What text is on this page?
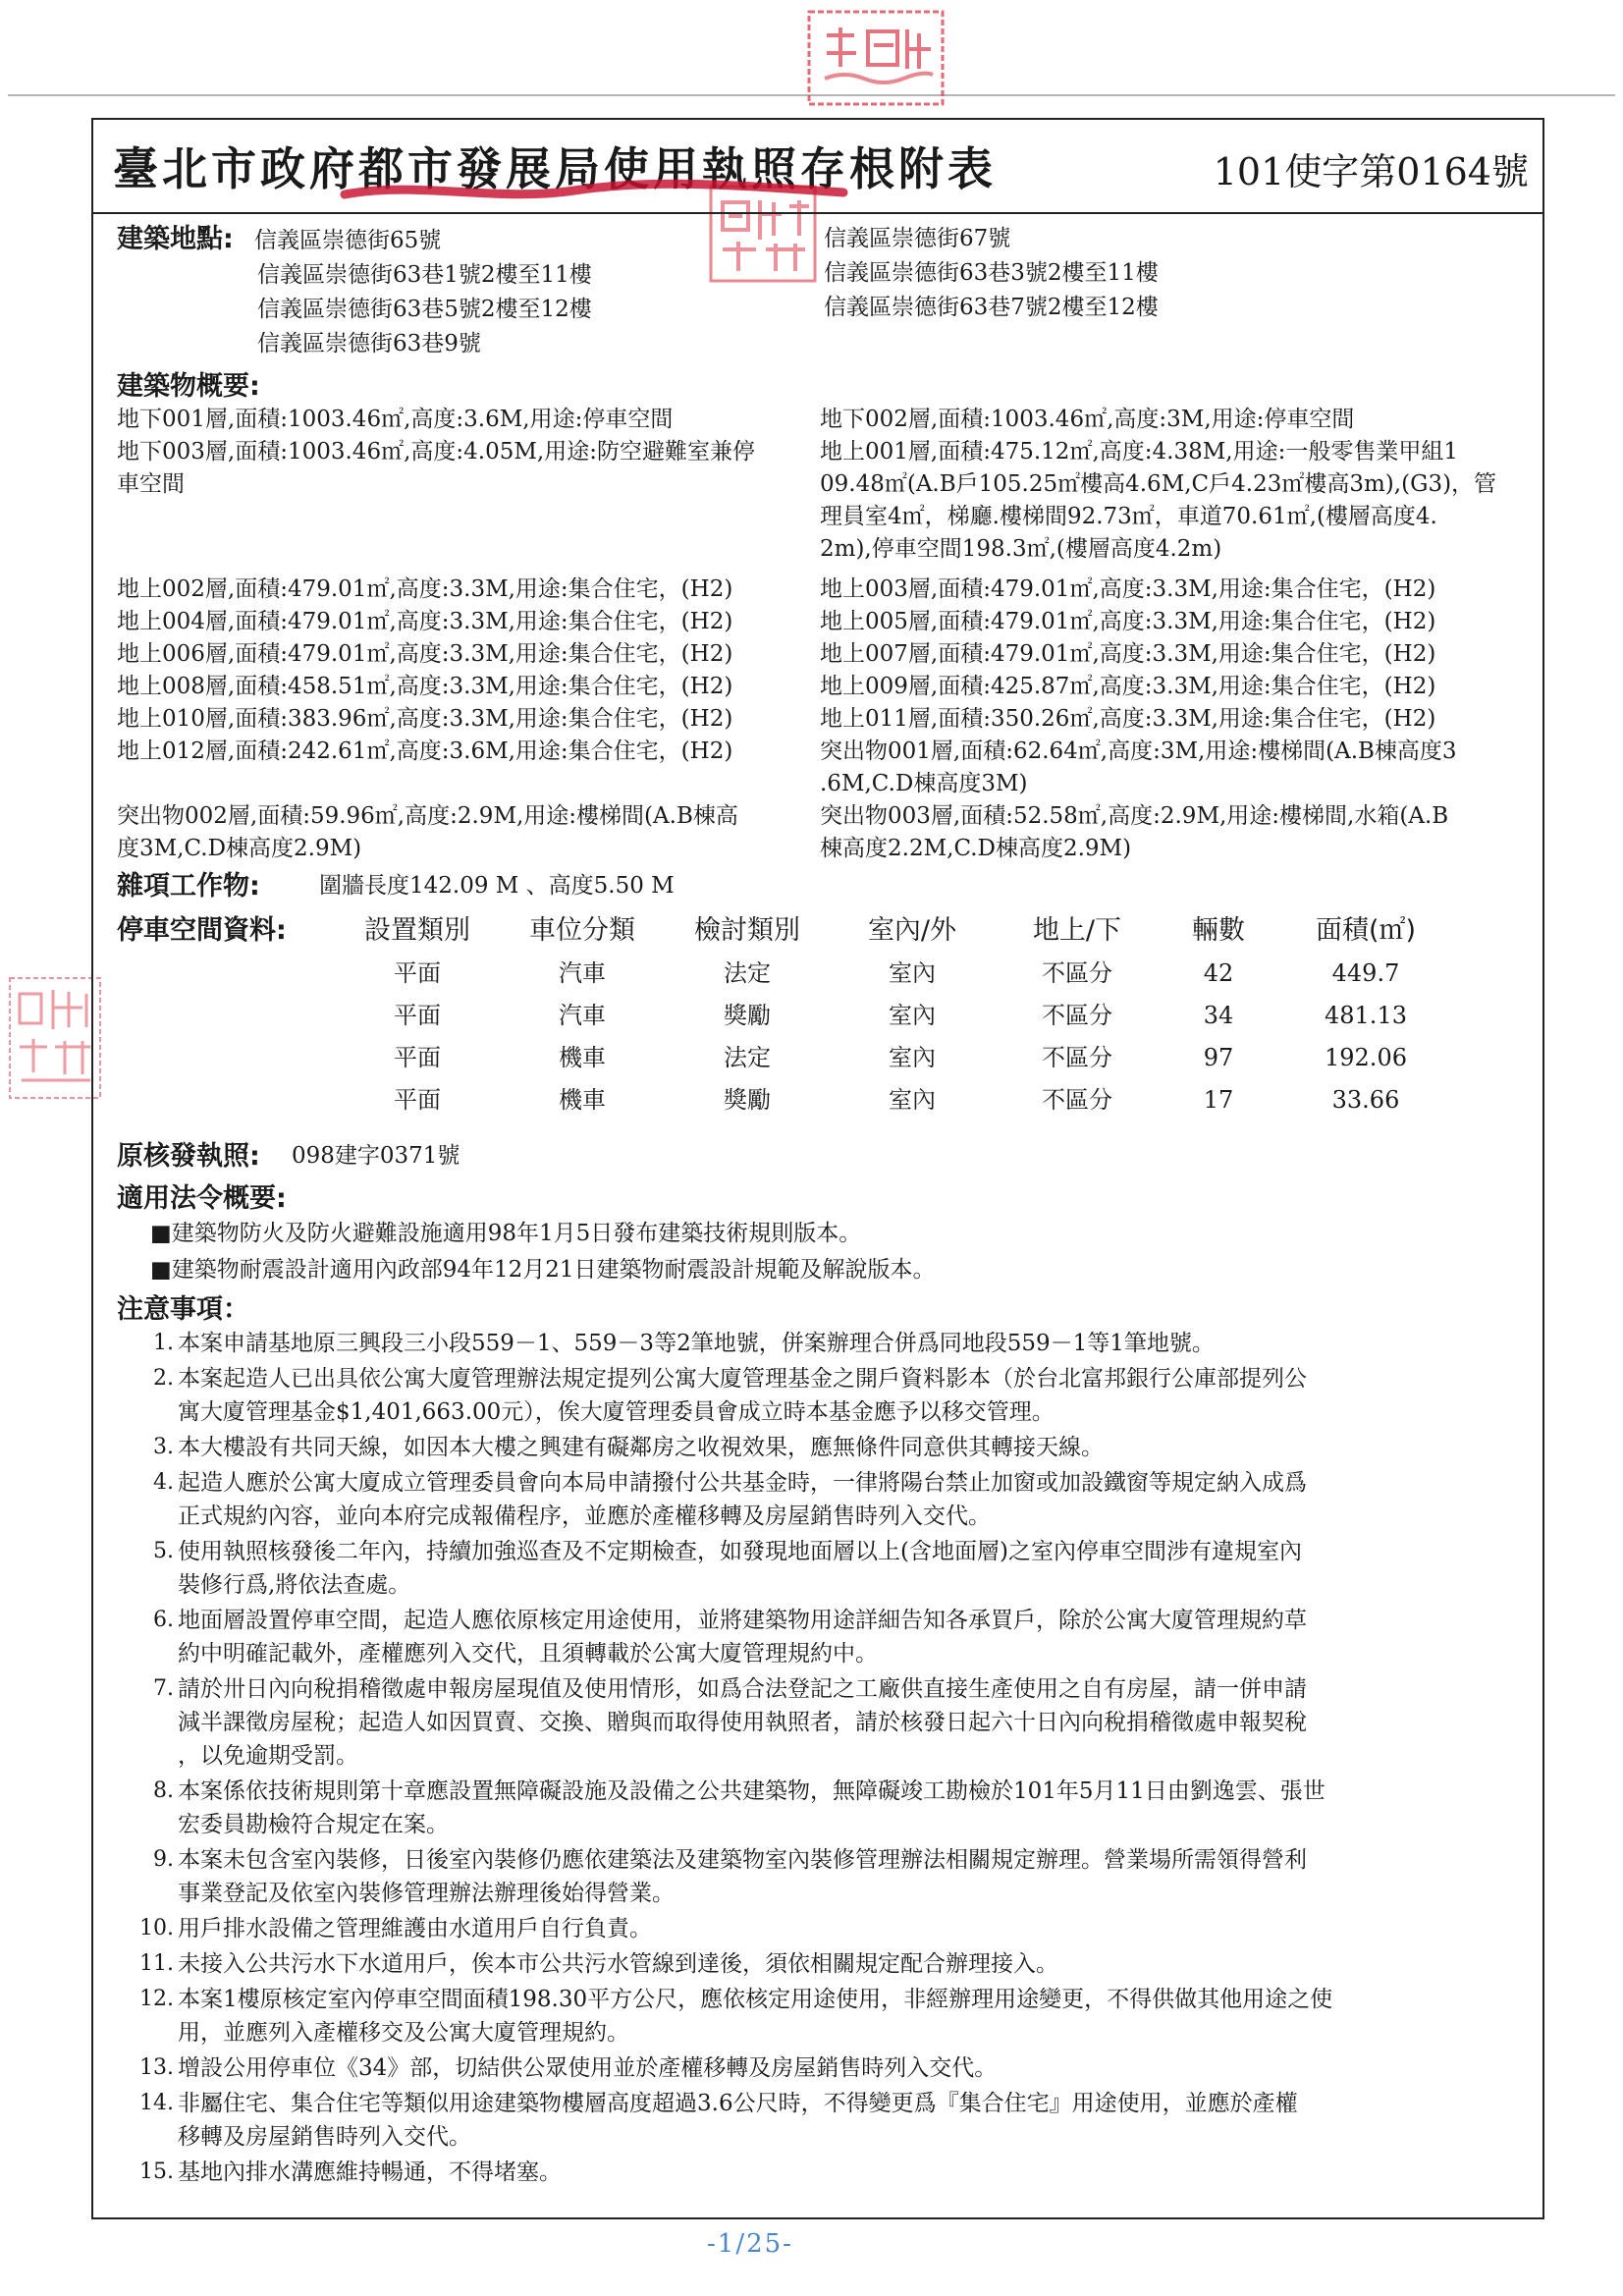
臺北市政府都市發展局使用執照存根附表	101使字第0164號
建築地點: 信義區崇德街65號
信義區崇德街63巷1號2樓至11樓
信義區崇德街63巷5號2樓至12樓
信義區崇德街63巷9號
信義區崇德街67號
信義區崇德街63巷3號2樓至11樓
信義區崇德街63巷7號2樓至12樓
建築物概要:
地下001層,面積:1003.46㎡,高度:3.6M,用途:停車空間
地下003層,面積:1003.46㎡,高度:4.05M,用途:防空避難室兼停
車空間
地下002層,面積:1003.46㎡,高度:3M,用途:停車空間
地上001層,面積:475.12㎡,高度:4.38M,用途:一般零售業甲組1
09.48㎡(A.B戶105.25㎡樓高4.6M,C戶4.23㎡樓高3m),(G3)，管
理員室4㎡，梯廳.樓梯間92.73㎡，車道70.61㎡,(樓層高度4.
2m),停車空間198.3㎡,(樓層高度4.2m)
地上002層,面積:479.01㎡,高度:3.3M,用途:集合住宅，(H2)
地上004層,面積:479.01㎡,高度:3.3M,用途:集合住宅，(H2)
地上006層,面積:479.01㎡,高度:3.3M,用途:集合住宅，(H2)
地上008層,面積:458.51㎡,高度:3.3M,用途:集合住宅，(H2)
地上010層,面積:383.96㎡,高度:3.3M,用途:集合住宅，(H2)
地上012層,面積:242.61㎡,高度:3.6M,用途:集合住宅，(H2)
地上003層,面積:479.01㎡,高度:3.3M,用途:集合住宅，(H2)
地上005層,面積:479.01㎡,高度:3.3M,用途:集合住宅，(H2)
地上007層,面積:479.01㎡,高度:3.3M,用途:集合住宅，(H2)
地上009層,面積:425.87㎡,高度:3.3M,用途:集合住宅，(H2)
地上011層,面積:350.26㎡,高度:3.3M,用途:集合住宅，(H2)
突出物001層,面積:62.64㎡,高度:3M,用途:樓梯間(A.B棟高度3
.6M,C.D棟高度3M)
突出物002層,面積:59.96㎡,高度:2.9M,用途:樓梯間(A.B棟高
度3M,C.D棟高度2.9M)
突出物003層,面積:52.58㎡,高度:2.9M,用途:樓梯間,水箱(A.B
棟高度2.2M,C.D棟高度2.9M)
雜項工作物:	圍牆長度142.09 M 、高度5.50 M
停車空間資料:	設置類別	車位分類	檢討類別	室內/外	地上/下	輛數	面積(㎡)
	平面	汽車	法定	室內	不區分	42	449.7
	平面	汽車	獎勵	室內	不區分	34	481.13
	平面	機車	法定	室內	不區分	97	192.06
	平面	機車	獎勵	室內	不區分	17	33.66
原核發執照:	098建字0371號
適用法令概要:
■建築物防火及防火避難設施適用98年1月5日發布建築技術規則版本。
■建築物耐震設計適用內政部94年12月21日建築物耐震設計規範及解說版本。
注意事項：
1. 本案申請基地原三興段三小段559－1、559－3等2筆地號，併案辦理合併爲同地段559－1等1筆地號。
2. 本案起造人已出具依公寓大廈管理辦法規定提列公寓大廈管理基金之開戶資料影本（於台北富邦銀行公庫部提列公
寓大廈管理基金$1,401,663.00元），俟大廈管理委員會成立時本基金應予以移交管理。
3. 本大樓設有共同天線，如因本大樓之興建有礙鄰房之收視效果，應無條件同意供其轉接天線。
4. 起造人應於公寓大廈成立管理委員會向本局申請撥付公共基金時，一律將陽台禁止加窗或加設鐵窗等規定納入成爲
正式規約內容，並向本府完成報備程序，並應於產權移轉及房屋銷售時列入交代。
5. 使用執照核發後二年內，持續加強巡查及不定期檢查，如發現地面層以上(含地面層)之室內停車空間涉有違規室內
裝修行爲,將依法查處。
6. 地面層設置停車空間，起造人應依原核定用途使用，並將建築物用途詳細告知各承買戶，除於公寓大廈管理規約草
約中明確記載外，產權應列入交代，且須轉載於公寓大廈管理規約中。
7. 請於卅日內向稅捐稽徵處申報房屋現值及使用情形，如爲合法登記之工廠供直接生產使用之自有房屋，請一併申請
減半課徵房屋稅；起造人如因買賣、交換、贈與而取得使用執照者，請於核發日起六十日內向稅捐稽徵處申報契稅
，以免逾期受罰。
8. 本案係依技術規則第十章應設置無障礙設施及設備之公共建築物，無障礙竣工勘檢於101年5月11日由劉逸雲、張世
宏委員勘檢符合規定在案。
9. 本案未包含室內裝修，日後室內裝修仍應依建築法及建築物室內裝修管理辦法相關規定辦理。營業場所需領得營利
事業登記及依室內裝修管理辦法辦理後始得營業。
10. 用戶排水設備之管理維護由水道用戶自行負責。
11. 未接入公共污水下水道用戶，俟本市公共污水管線到達後，須依相關規定配合辦理接入。
12. 本案1樓原核定室內停車空間面積198.30平方公尺，應依核定用途使用，非經辦理用途變更，不得供做其他用途之使
用，並應列入產權移交及公寓大廈管理規約。
13. 增設公用停車位《34》部，切結供公眾使用並於產權移轉及房屋銷售時列入交代。
14. 非屬住宅、集合住宅等類似用途建築物樓層高度超過3.6公尺時，不得變更爲『集合住宅』用途使用，並應於產權
移轉及房屋銷售時列入交代。
15. 基地內排水溝應維持暢通，不得堵塞。
-1/25-
